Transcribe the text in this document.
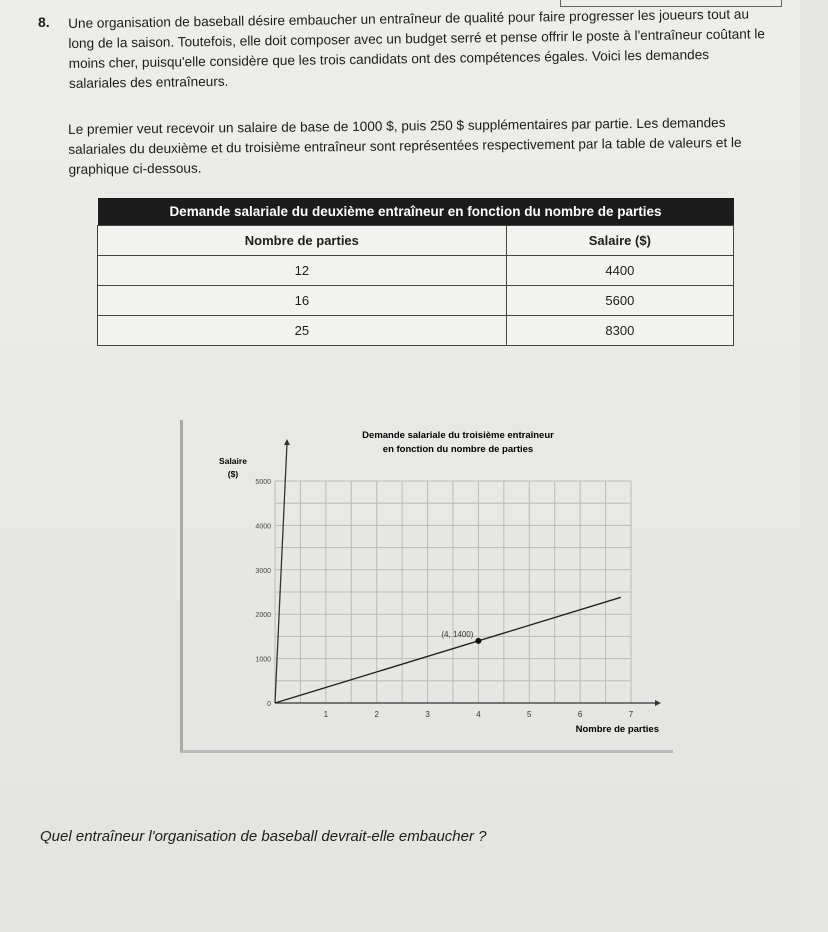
8. Une organisation de baseball désire embaucher un entraîneur de qualité pour faire progresser les joueurs tout au long de la saison. Toutefois, elle doit composer avec un budget serré et pense offrir le poste à l'entraîneur coûtant le moins cher, puisqu'elle considère que les trois candidats ont des compétences égales. Voici les demandes salariales des entraîneurs.
Le premier veut recevoir un salaire de base de 1000 $, puis 250 $ supplémentaires par partie. Les demandes salariales du deuxième et du troisième entraîneur sont représentées respectivement par la table de valeurs et le graphique ci-dessous.
Demande salariale du deuxième entraîneur en fonction du nombre de parties	
Nombre de parties	Salaire ($)
12	4400
16	5600
25	8300
1	2	3	4	5	6	7
0
1000
2000
3000
4000
5000
(4, 1400)
Demande salariale du troisième entraîneur
en fonction du nombre de parties
Salaire
($)
Nombre de parties
Quel entraîneur l'organisation de baseball devrait-elle embaucher ?
